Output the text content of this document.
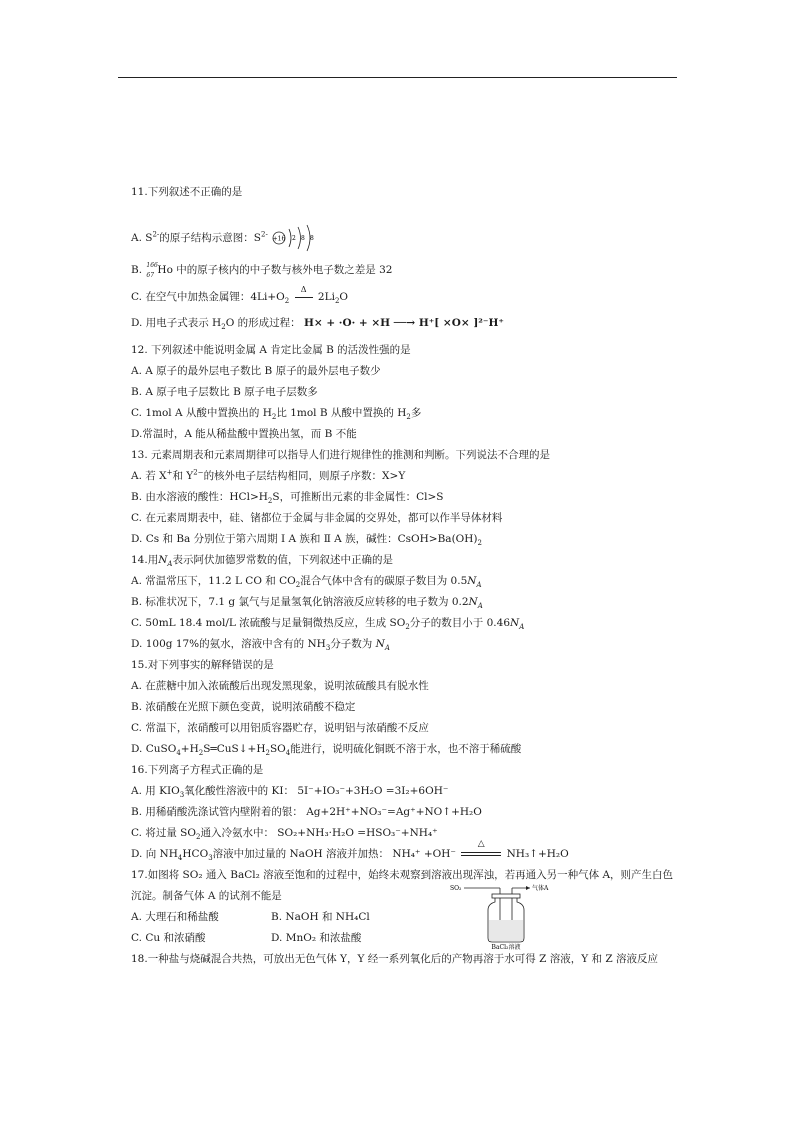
11.下列叙述不正确的是
A. $S^{2-}$的原子结构示意图：$S^{2-}$
+16 2 8 8
B. 166
67 Ho 中的原子核内的中子数与核外电子数之差是 32
C. 在空气中加热金属锂：$4Li+O_2$
Δ
$2Li_2O$
D. 用电子式表示 $H_2O$ 的形成过程： H× + ·O· + ×H ──→ H⁺[ ×O× ]²⁻H⁺
12. 下列叙述中能说明金属 A 肯定比金属 B 的活泼性强的是
A. A 原子的最外层电子数比 B 原子的最外层电子数少
B. A 原子电子层数比 B 原子电子层数多
C. 1mol A 从酸中置换出的 $H_2$比 1mol B 从酸中置换的 $H_2$多
D.常温时，A 能从稀盐酸中置换出氢，而 B 不能
13. 元素周期表和元素周期律可以指导人们进行规律性的推测和判断。下列说法不合理的是
A. 若 X+和 $Y^{2-}$的核外电子层结构相同，则原子序数：X>Y
B. 由水溶液的酸性：$HCl>H_2S$，可推断出元素的非金属性：Cl>S
C. 在元素周期表中，硅、锗都位于金属与非金属的交界处，都可以作半导体材料
D. Cs 和 Ba 分别位于第六周期 Ⅰ A 族和 Ⅱ A 族，碱性：$CsOH>Ba(OH)_2$
14.用$N_A$表示阿伏加德罗常数的值，下列叙述中正确的是
A. 常温常压下，11.2 L CO 和 $CO_2$混合气体中含有的碳原子数目为 $0.5N_A$
B. 标准状况下，7.1 g 氯气与足量氢氧化钠溶液反应转移的电子数为 $0.2N_A$
C. 50mL 18.4 mol/L 浓硫酸与足量铜微热反应，生成 $SO_2$分子的数目小于 $0.46N_A$
D. 100g 17%的氨水，溶液中含有的 $NH_3$分子数为 $N_A$
15.对下列事实的解释错误的是
A. 在蔗糖中加入浓硫酸后出现发黑现象，说明浓硫酸具有脱水性
B. 浓硝酸在光照下颜色变黄，说明浓硝酸不稳定
C. 常温下，浓硝酸可以用铝质容器贮存，说明铝与浓硝酸不反应
D. $CuSO_4+H_2S═CuS↓+H_2SO_4$能进行，说明硫化铜既不溶于水，也不溶于稀硫酸
16.下列离子方程式正确的是
A. 用 $KIO_3$氧化酸性溶液中的 KI： 5I⁻+IO₃⁻+3H₂O =3I₂+6OH⁻
B. 用稀硝酸洗涤试管内壁附着的银： Ag+2H⁺+NO₃⁻=Ag⁺+NO↑+H₂O
C. 将过量 $SO_2$通入冷氨水中： SO₂+NH₃·H₂O =HSO₃⁻+NH₄⁺
D. 向 $NH_4HCO_3$溶液中加过量的 NaOH 溶液并加热： NH₄⁺ +OH⁻
△
NH₃↑+H₂O
17.如图将 SO₂ 通入 BaCl₂ 溶液至饱和的过程中，始终未观察到溶液出现浑浊，若再通入另一种气体 A，则产生白色
沉淀。制备气体 A 的试剂不能是
A. 大理石和稀盐酸	B. NaOH 和 NH₄Cl
C. Cu 和浓硝酸	D. MnO₂ 和浓盐酸
18.一种盐与烧碱混合共热，可放出无色气体 Y，Y 经一系列氧化后的产物再溶于水可得 Z 溶液，Y 和 Z 溶液反应
SO₂	气体A
BaCl₂溶液
